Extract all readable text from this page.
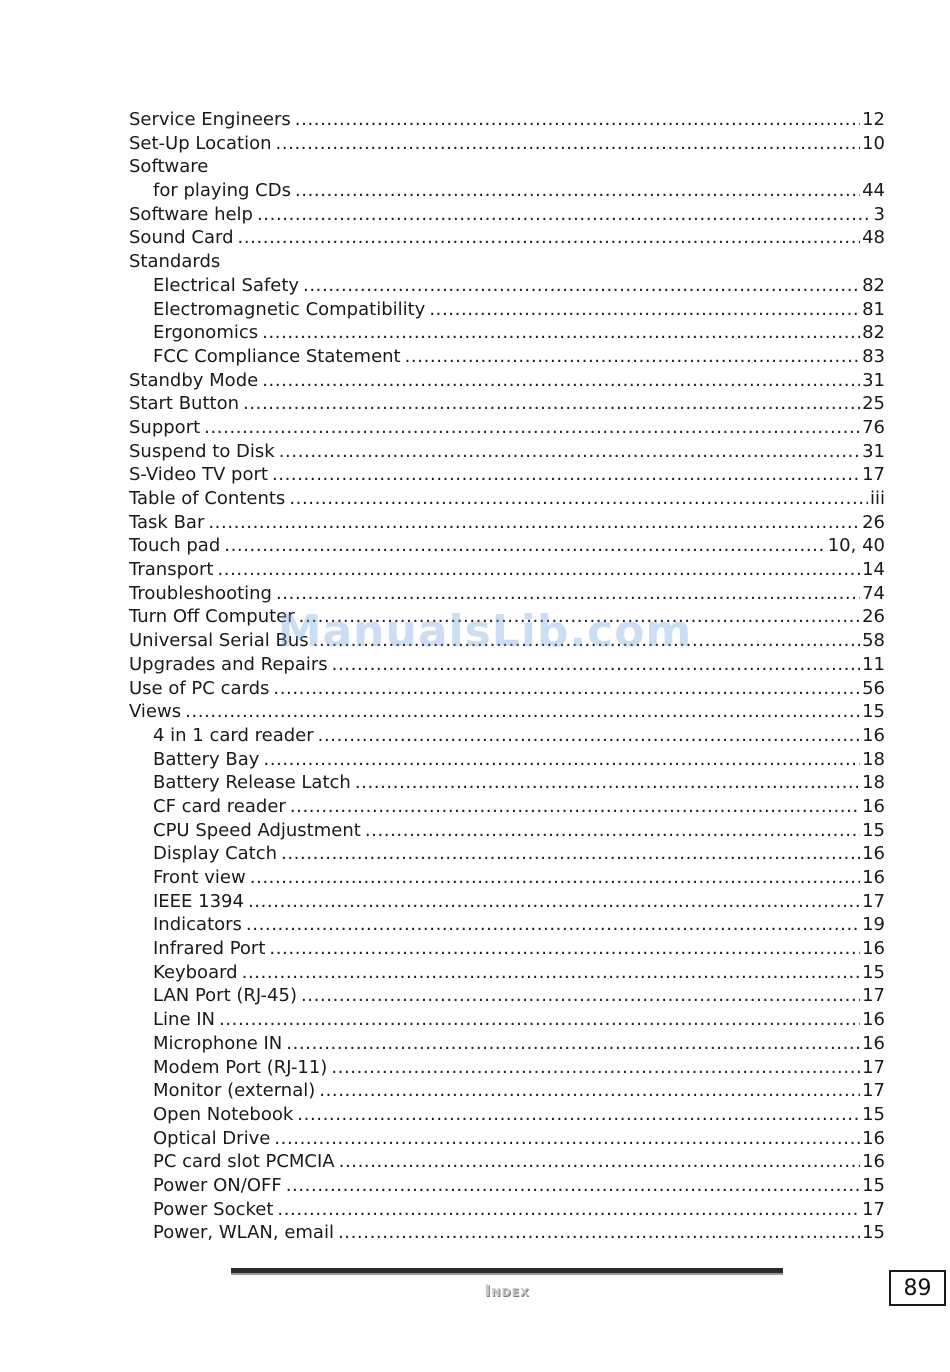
Service Engineers .....	12
Set-Up Location .....	10
Software
for playing CDs .....	44
Software help .....	3
Sound Card .....	48
Standards
Electrical Safety .....	82
Electromagnetic Compatibility .....	81
Ergonomics .....	82
FCC Compliance Statement .....	83
Standby Mode .....	31
Start Button .....	25
Support .....	76
Suspend to Disk .....	31
S-Video TV port .....	17
Table of Contents .....	iii
Task Bar .....	26
Touch pad .....	10, 40
Transport .....	14
Troubleshooting .....	74
Turn Off Computer .....	26
Universal Serial Bus .....	58
Upgrades and Repairs .....	11
Use of PC cards .....	56
Views .....	15
4 in 1 card reader .....	16
Battery Bay .....	18
Battery Release Latch .....	18
CF card reader .....	16
CPU Speed Adjustment .....	15
Display Catch .....	16
Front view .....	16
IEEE 1394 .....	17
Indicators .....	19
Infrared Port .....	16
Keyboard .....	15
LAN Port (RJ-45) .....	17
Line IN .....	16
Microphone IN .....	16
Modem Port (RJ-11) .....	17
Monitor (external) .....	17
Open Notebook .....	15
Optical Drive .....	16
PC card slot PCMCIA .....	16
Power ON/OFF .....	15
Power Socket .....	17
Power, WLAN, email .....	15
ManualsLib.com
Index	89
